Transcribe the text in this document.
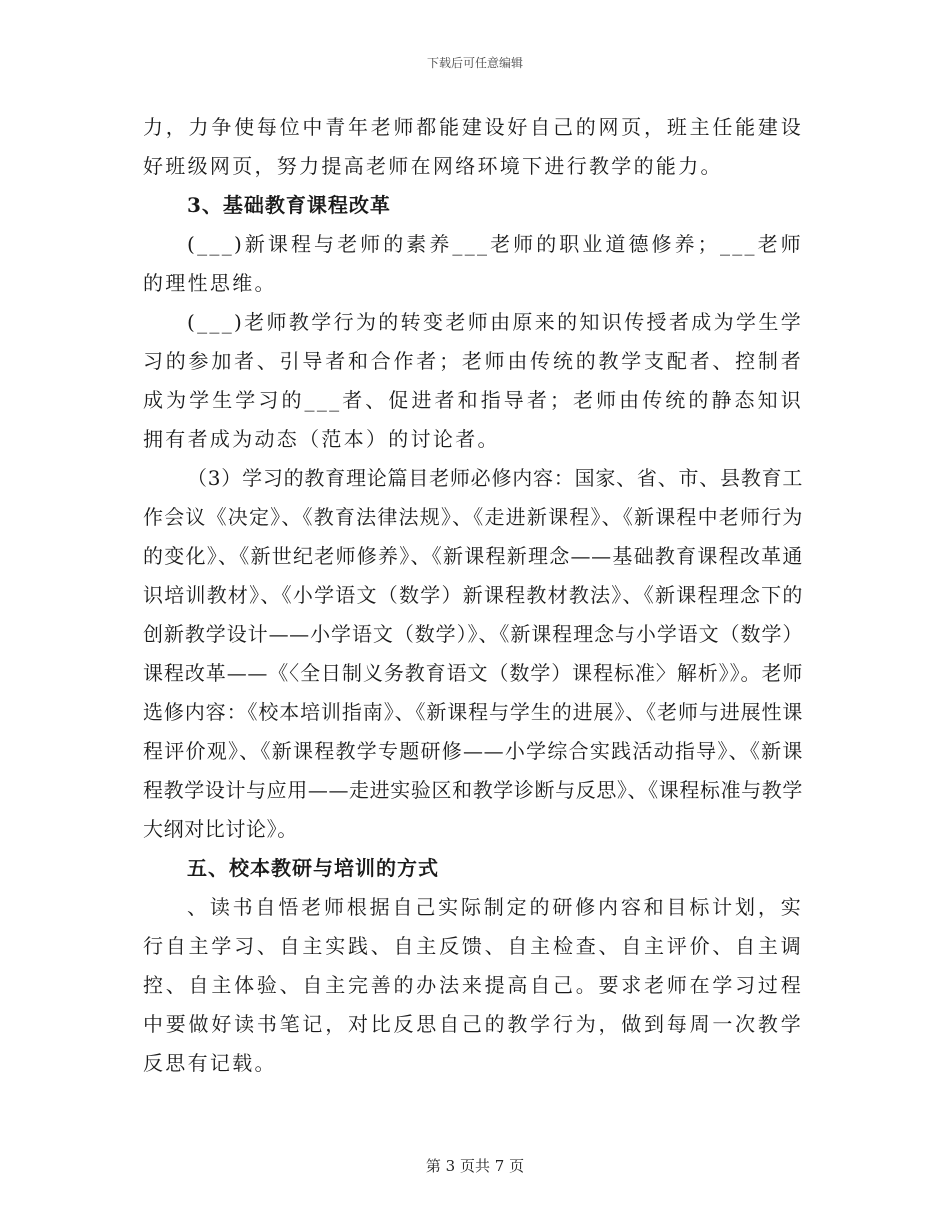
下载后可任意编辑

力，力争使每位中青年老师都能建设好自己的网页，班主任能建设好班级网页，努力提高老师在网络环境下进行教学的能力。

3、基础教育课程改革

(___)新课程与老师的素养___老师的职业道德修养；___老师的理性思维。

(___)老师教学行为的转变老师由原来的知识传授者成为学生学习的参加者、引导者和合作者；老师由传统的教学支配者、控制者成为学生学习的___者、促进者和指导者；老师由传统的静态知识拥有者成为动态（范本）的讨论者。

（3）学习的教育理论篇目老师必修内容：国家、省、市、县教育工作会议《决定》、《教育法律法规》、《走进新课程》、《新课程中老师行为的变化》、《新世纪老师修养》、《新课程新理念——基础教育课程改革通识培训教材》、《小学语文（数学）新课程教材教法》、《新课程理念下的创新教学设计——小学语文（数学）》、《新课程理念与小学语文（数学）课程改革——《〈全日制义务教育语文（数学）课程标准〉解析》》。老师选修内容：《校本培训指南》、《新课程与学生的进展》、《老师与进展性课程评价观》、《新课程教学专题研修——小学综合实践活动指导》、《新课程教学设计与应用——走进实验区和教学诊断与反思》、《课程标准与教学大纲对比讨论》。

五、校本教研与培训的方式

、读书自悟老师根据自己实际制定的研修内容和目标计划，实行自主学习、自主实践、自主反馈、自主检查、自主评价、自主调控、自主体验、自主完善的办法来提高自己。要求老师在学习过程中要做好读书笔记，对比反思自己的教学行为，做到每周一次教学反思有记载。

第 3 页共 7 页
